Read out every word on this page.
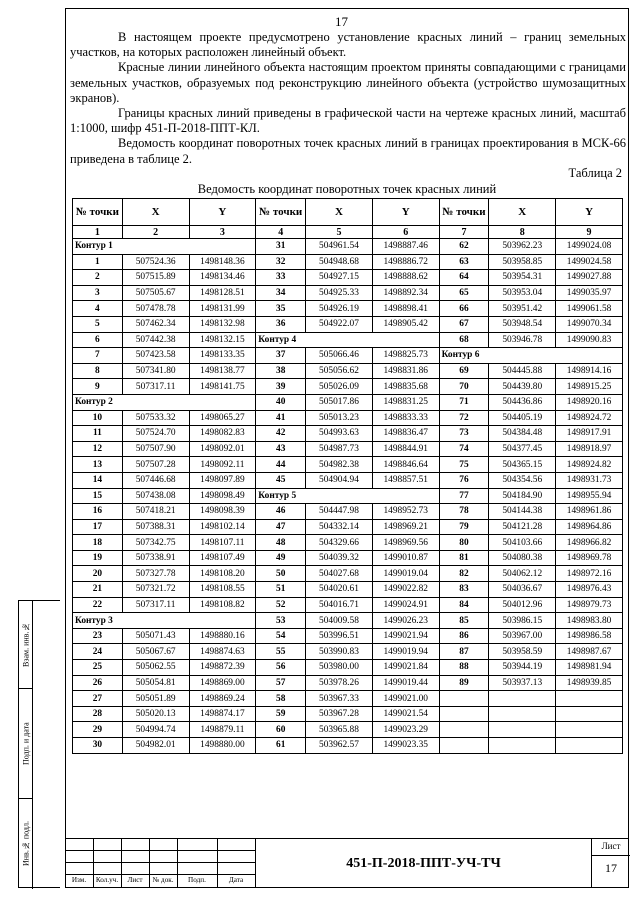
17

В настоящем проекте предусмотрено установление красных линий – границ земельных участков, на которых расположен линейный объект.

Красные линии линейного объекта настоящим проектом приняты совпадающими с границами земельных участков, образуемых под реконструкцию линейного объекта (устройство шумозащитных экранов).

Границы красных линий приведены в графической части на чертеже красных линий, масштаб 1:1000, шифр 451-П-2018-ППТ-КЛ.

Ведомость координат поворотных точек красных линий в границах проектирования в МСК-66 приведена в таблице 2.

Таблица 2
Ведомость координат поворотных точек красных линий
№ точки	X	Y	№ точки	X	Y	№ точки	X	Y
1	2	3	4	5	6	7	8	9
Контур 1			31	504961.54	1498887.46	62	503962.23	1499024.08
1	507524.36	1498148.36	32	504948.68	1498886.72	63	503958.85	1499024.58
2	507515.89	1498134.46	33	504927.15	1498888.62	64	503954.31	1499027.88
3	507505.67	1498128.51	34	504925.33	1498892.34	65	503953.04	1499035.97
4	507478.78	1498131.99	35	504926.19	1498898.41	66	503951.42	1499061.58
5	507462.34	1498132.98	36	504922.07	1498905.42	67	503948.54	1499070.34
6	507442.38	1498132.15	Контур 4			68	503946.78	1499090.83
7	507423.58	1498133.35	37	505066.46	1498825.73	Контур 6		
8	507341.80	1498138.77	38	505056.62	1498831.86	69	504445.88	1498914.16
9	507317.11	1498141.75	39	505026.09	1498835.68	70	504439.80	1498915.25
Контур 2			40	505017.86	1498831.25	71	504436.86	1498920.16
10	507533.32	1498065.27	41	505013.23	1498833.33	72	504405.19	1498924.72
11	507524.70	1498082.83	42	504993.63	1498836.47	73	504384.48	1498917.91
12	507507.90	1498092.01	43	504987.73	1498844.91	74	504377.45	1498918.97
13	507507.28	1498092.11	44	504982.38	1498846.64	75	504365.15	1498924.82
14	507446.68	1498097.89	45	504904.94	1498857.51	76	504354.56	1498931.73
15	507438.08	1498098.49	Контур 5			77	504184.90	1498955.94
16	507418.21	1498098.39	46	504447.98	1498952.73	78	504144.38	1498961.86
17	507388.31	1498102.14	47	504332.14	1498969.21	79	504121.28	1498964.86
18	507342.75	1498107.11	48	504329.66	1498969.56	80	504103.66	1498966.82
19	507338.91	1498107.49	49	504039.32	1499010.87	81	504080.38	1498969.78
20	507327.78	1498108.20	50	504027.68	1499019.04	82	504062.12	1498972.16
21	507321.72	1498108.55	51	504020.61	1499022.82	83	504036.67	1498976.43
22	507317.11	1498108.82	52	504016.71	1499024.91	84	504012.96	1498979.73
Контур 3			53	504009.58	1499026.23	85	503986.15	1498983.80
23	505071.43	1498880.16	54	503996.51	1499021.94	86	503967.00	1498986.58
24	505067.67	1498874.63	55	503990.83	1499019.94	87	503958.59	1498987.67
25	505062.55	1498872.39	56	503980.00	1499021.84	88	503944.19	1498981.94
26	505054.81	1498869.00	57	503978.26	1499019.44	89	503937.13	1498939.85
27	505051.89	1498869.24	58	503967.33	1499021.00			
28	505020.13	1498874.17	59	503967.28	1499021.54			
29	504994.74	1498879.11	60	503965.88	1499023.29			
30	504982.01	1498880.00	61	503962.57	1499023.35			
Взам. инв.№
Подп. и дата
Инв.№ подл.
Изм.	Кол.уч.	Лист	№ док.	Подп.	Дата
451-П-2018-ППТ-УЧ-ТЧ
Лист
17
